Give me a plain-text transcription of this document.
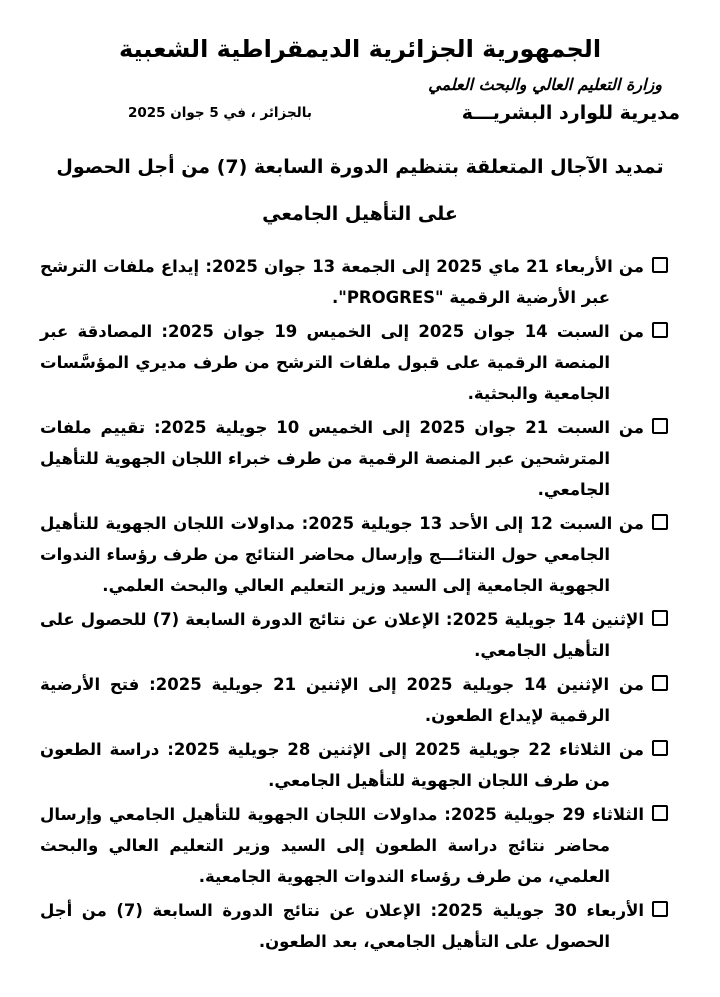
الجمهورية الجزائرية الديمقراطية الشعبية
وزارة التعليم العالي والبحث العلمي
مديرية للوارد البشريـــة
بالجزائر ، في 5 جوان 2025
تمديد الآجال المتعلقة بتنظيم الدورة السابعة (7) من أجل الحصول
على التأهيل الجامعي
من الأربعاء 21 ماي 2025 إلى الجمعة 13 جوان 2025: إيداع ملفات الترشح عبر الأرضية الرقمية "PROGRES".
من السبت 14 جوان 2025 إلى الخميس 19 جوان 2025: المصادقة عبر المنصة الرقمية على قبول ملفات الترشح من طرف مديري المؤسَّسات الجامعية والبحثية.
من السبت 21 جوان 2025 إلى الخميس 10 جويلية 2025: تقييم ملفات المترشحين عبر المنصة الرقمية من طرف خبراء اللجان الجهوية للتأهيل الجامعي.
من السبت 12 إلى الأحد 13 جويلية 2025: مداولات اللجان الجهوية للتأهيل الجامعي حول النتائـــج وإرسال محاضر النتائج من طرف رؤساء الندوات الجهوية الجامعية إلى السيد وزير التعليم العالي والبحث العلمي.
الإثنين 14 جويلية 2025: الإعلان عن نتائج الدورة السابعة (7) للحصول على التأهيل الجامعي.
من الإثنين 14 جويلية 2025 إلى الإثنين 21 جويلية 2025: فتح الأرضية الرقمية لإيداع الطعون.
من الثلاثاء 22 جويلية 2025 إلى الإثنين 28 جويلية 2025: دراسة الطعون من طرف اللجان الجهوية للتأهيل الجامعي.
الثلاثاء 29 جويلية 2025: مداولات اللجان الجهوية للتأهيل الجامعي وإرسال محاضر نتائج دراسة الطعون إلى السيد وزير التعليم العالي والبحث العلمي، من طرف رؤساء الندوات الجهوية الجامعية.
الأربعاء 30 جويلية 2025: الإعلان عن نتائج الدورة السابعة (7) من أجل الحصول على التأهيل الجامعي، بعد الطعون.
